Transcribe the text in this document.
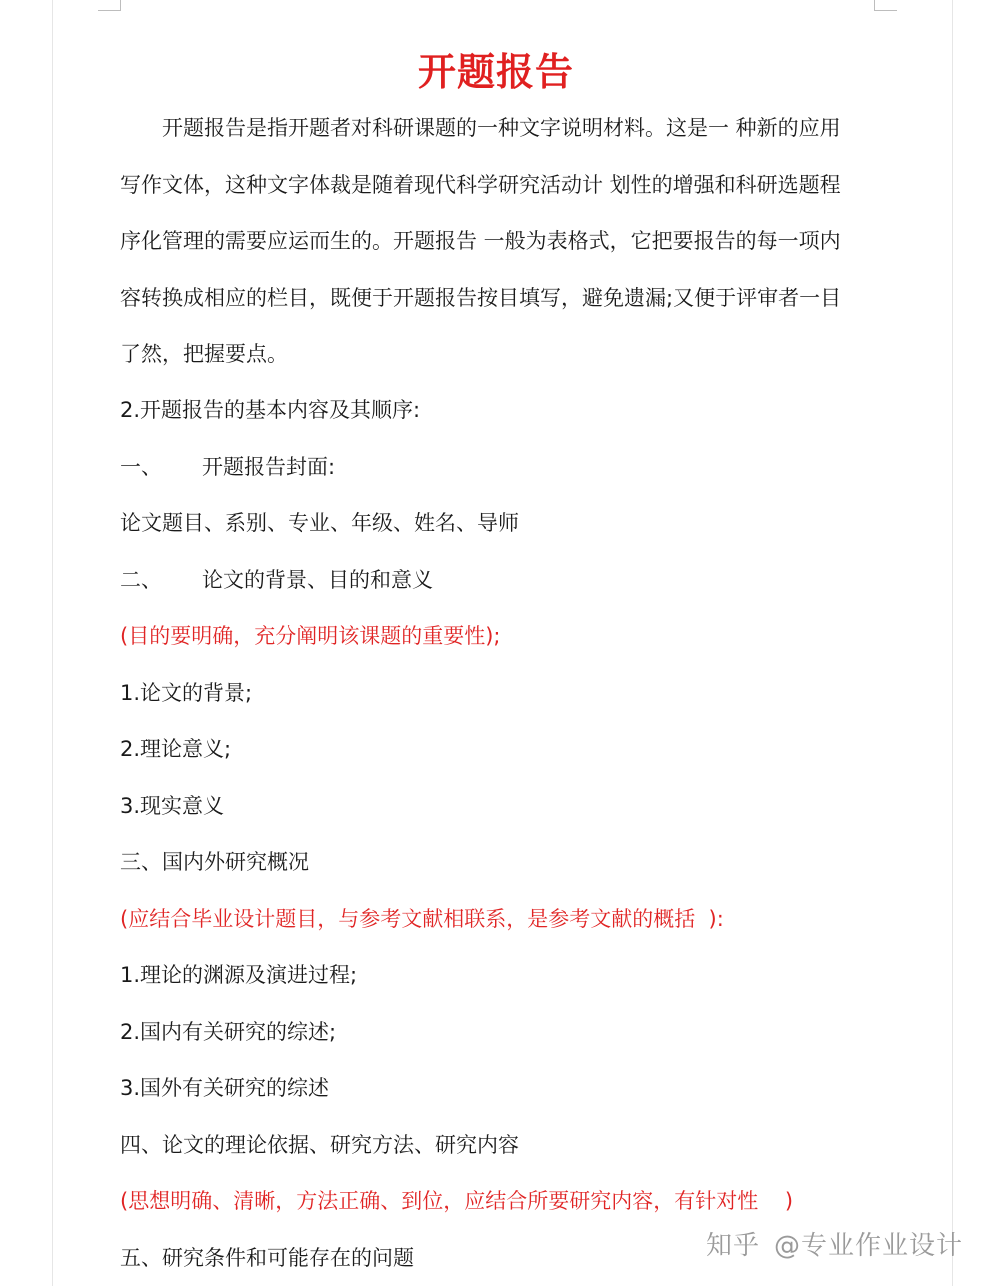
开题报告
开题报告是指开题者对科研课题的一种文字说明材料。这是一 种新的应用
写作文体，这种文字体裁是随着现代科学研究活动计 划性的增强和科研选题程
序化管理的需要应运而生的。开题报告 一般为表格式，它把要报告的每一项内
容转换成相应的栏目，既便于开题报告按目填写，避免遗漏;又便于评审者一目
了然，把握要点。
2.开题报告的基本内容及其顺序:
一、      开题报告封面:
论文题目、系别、专业、年级、姓名、导师
二、      论文的背景、目的和意义
(目的要明确，充分阐明该课题的重要性);
1.论文的背景;
2.理论意义;
3.现实意义
三、国内外研究概况
(应结合毕业设计题目，与参考文献相联系，是参考文献的概括  ):
1.理论的渊源及演进过程;
2.国内有关研究的综述;
3.国外有关研究的综述
四、论文的理论依据、研究方法、研究内容
(思想明确、清晰，方法正确、到位，应结合所要研究内容，有针对性    )
五、研究条件和可能存在的问题	知乎 @专业作业设计
